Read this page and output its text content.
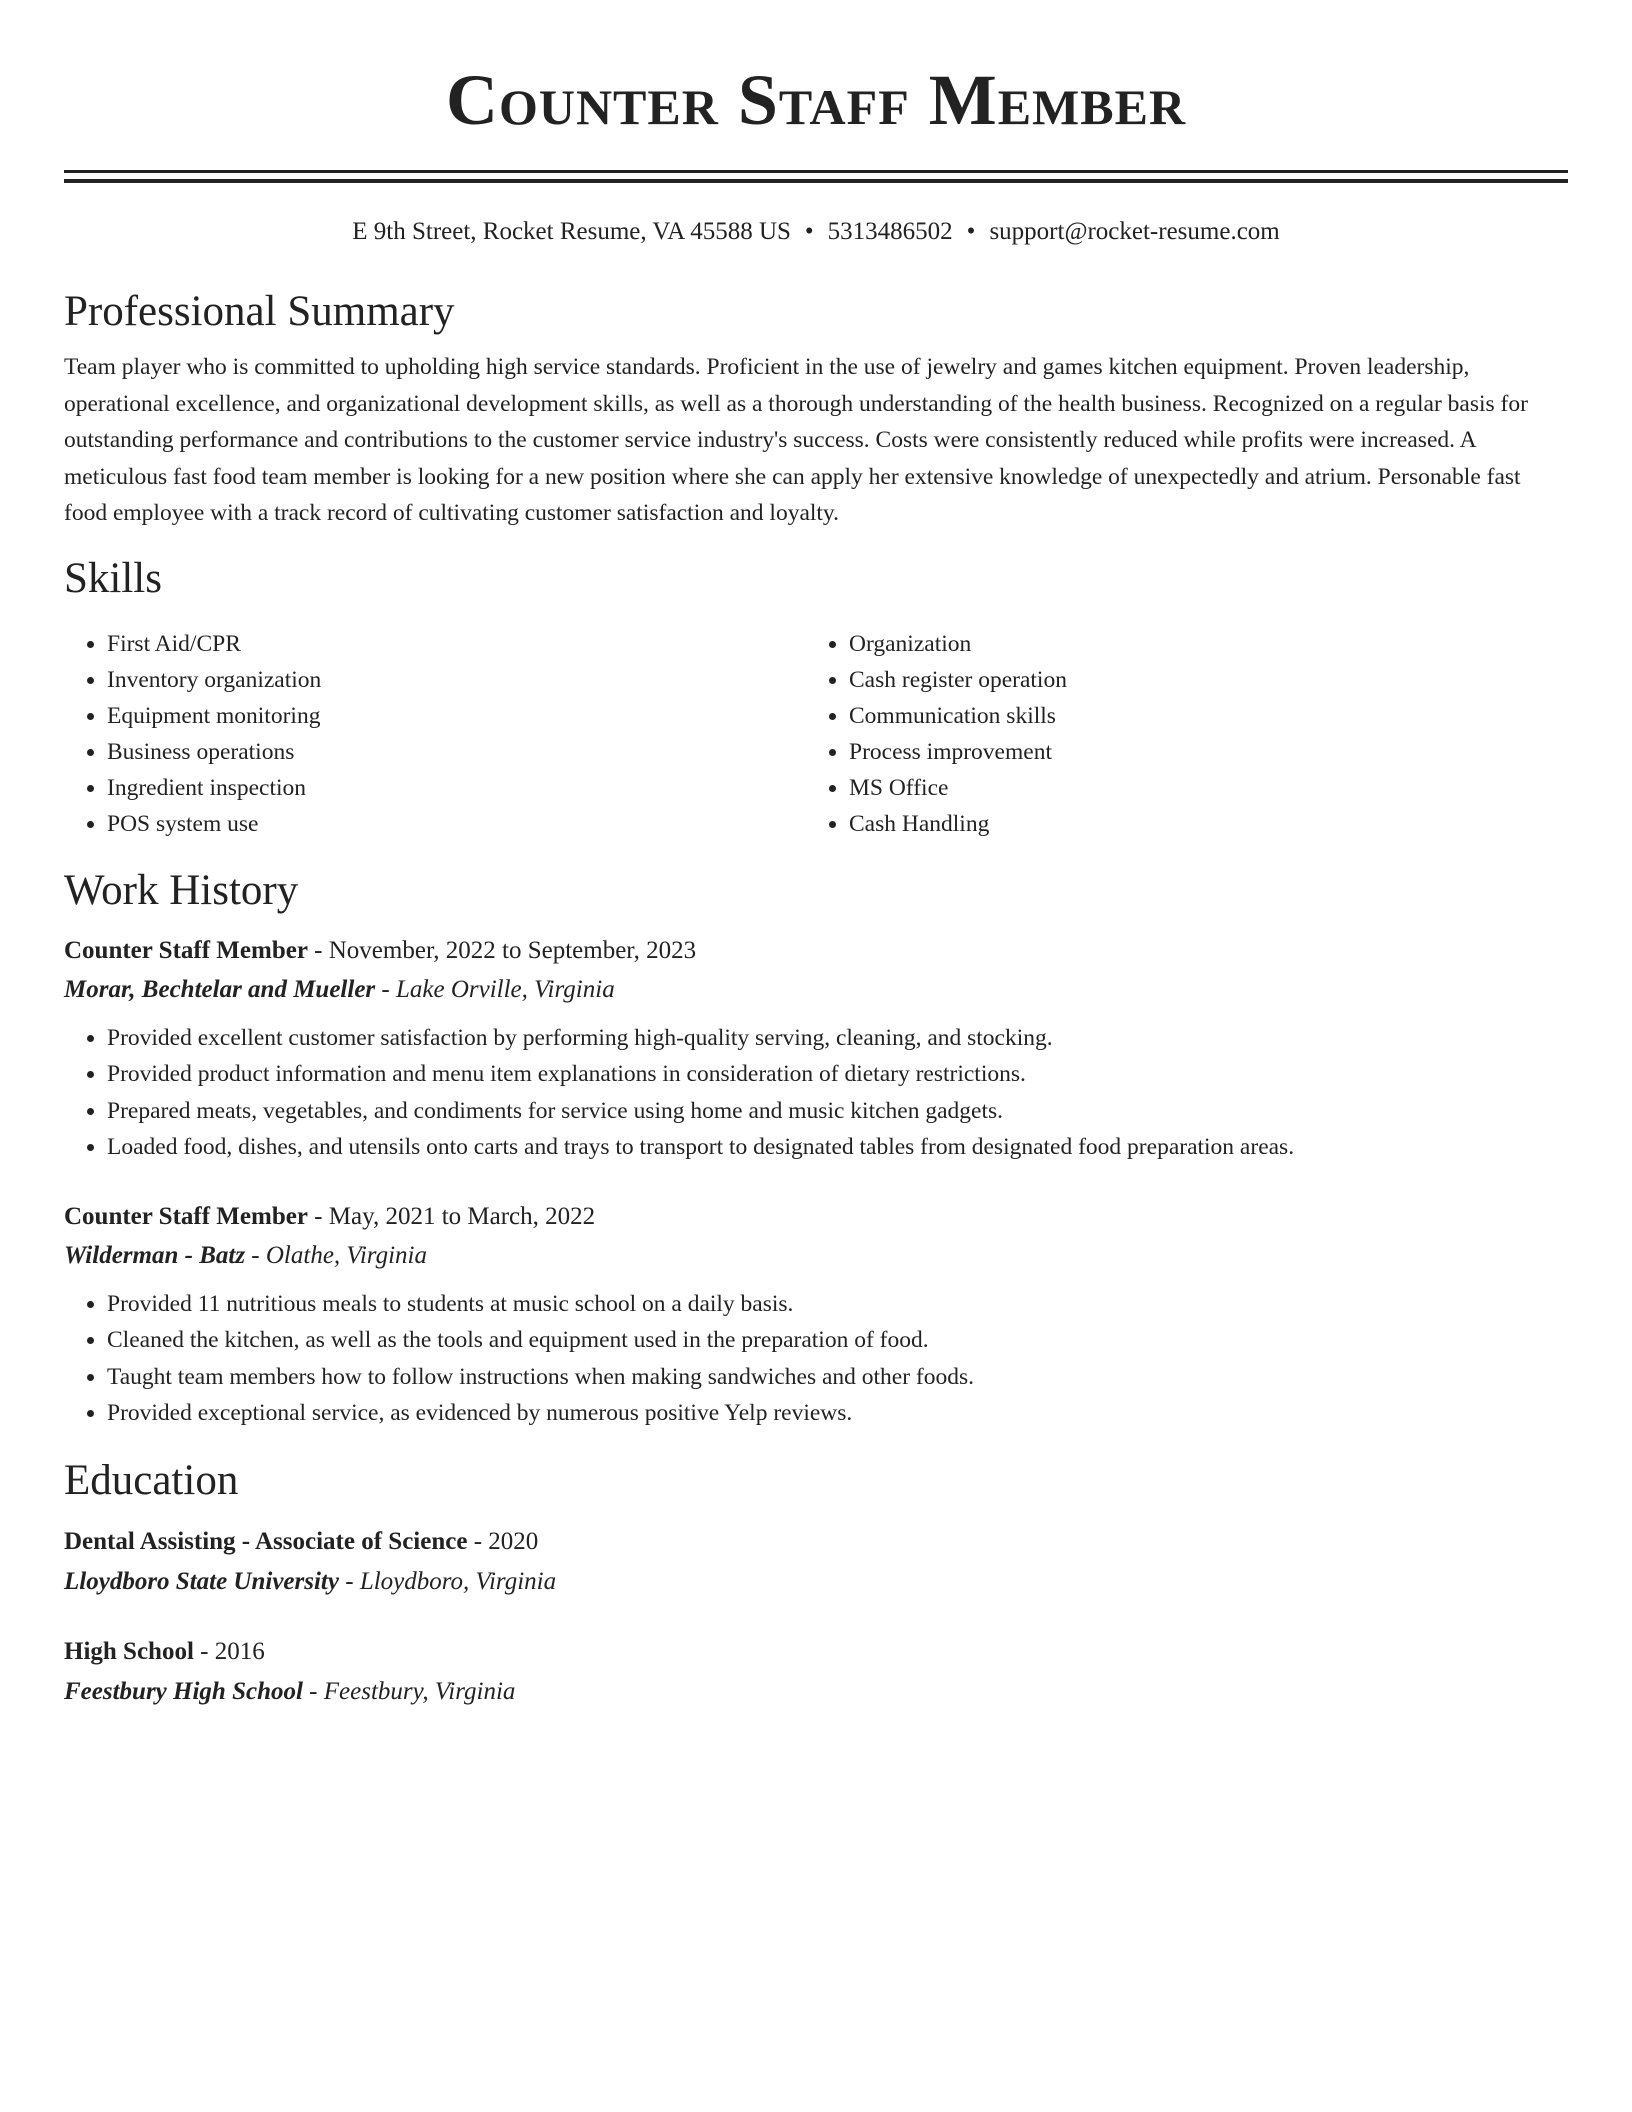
Counter Staff Member
E 9th Street, Rocket Resume, VA 45588 US • 5313486502 • support@rocket-resume.com
Professional Summary
Team player who is committed to upholding high service standards. Proficient in the use of jewelry and games kitchen equipment. Proven leadership, operational excellence, and organizational development skills, as well as a thorough understanding of the health business. Recognized on a regular basis for outstanding performance and contributions to the customer service industry's success. Costs were consistently reduced while profits were increased. A meticulous fast food team member is looking for a new position where she can apply her extensive knowledge of unexpectedly and atrium. Personable fast food employee with a track record of cultivating customer satisfaction and loyalty.
Skills
• First Aid/CPR
• Inventory organization
• Equipment monitoring
• Business operations
• Ingredient inspection
• POS system use
• Organization
• Cash register operation
• Communication skills
• Process improvement
• MS Office
• Cash Handling
Work History
Counter Staff Member - November, 2022 to September, 2023
Morar, Bechtelar and Mueller - Lake Orville, Virginia
• Provided excellent customer satisfaction by performing high-quality serving, cleaning, and stocking.
• Provided product information and menu item explanations in consideration of dietary restrictions.
• Prepared meats, vegetables, and condiments for service using home and music kitchen gadgets.
• Loaded food, dishes, and utensils onto carts and trays to transport to designated tables from designated food preparation areas.
Counter Staff Member - May, 2021 to March, 2022
Wilderman - Batz - Olathe, Virginia
• Provided 11 nutritious meals to students at music school on a daily basis.
• Cleaned the kitchen, as well as the tools and equipment used in the preparation of food.
• Taught team members how to follow instructions when making sandwiches and other foods.
• Provided exceptional service, as evidenced by numerous positive Yelp reviews.
Education
Dental Assisting - Associate of Science - 2020
Lloydboro State University - Lloydboro, Virginia
High School - 2016
Feestbury High School - Feestbury, Virginia
